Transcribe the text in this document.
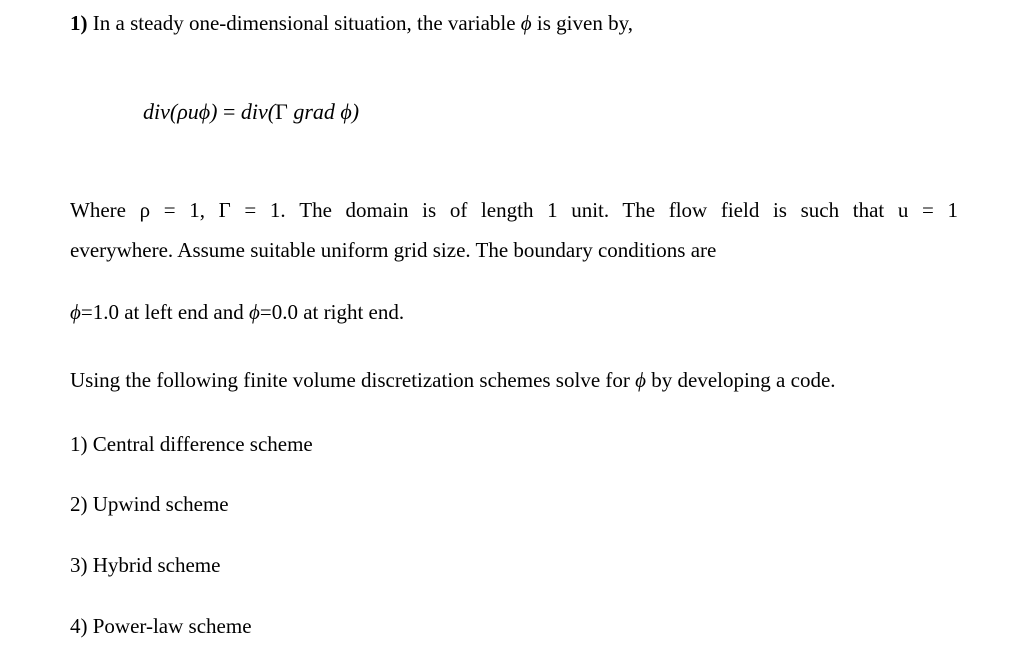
1) In a steady one-dimensional situation, the variable ϕ is given by,
div(ρuϕ) = div(Γ grad ϕ)
Where ρ = 1, Γ = 1. The domain is of length 1 unit. The flow field is such that u = 1
everywhere. Assume suitable uniform grid size. The boundary conditions are
ϕ=1.0 at left end and ϕ=0.0 at right end.
Using the following finite volume discretization schemes solve for ϕ by developing a code.
1) Central difference scheme
2) Upwind scheme
3) Hybrid scheme
4) Power-law scheme
